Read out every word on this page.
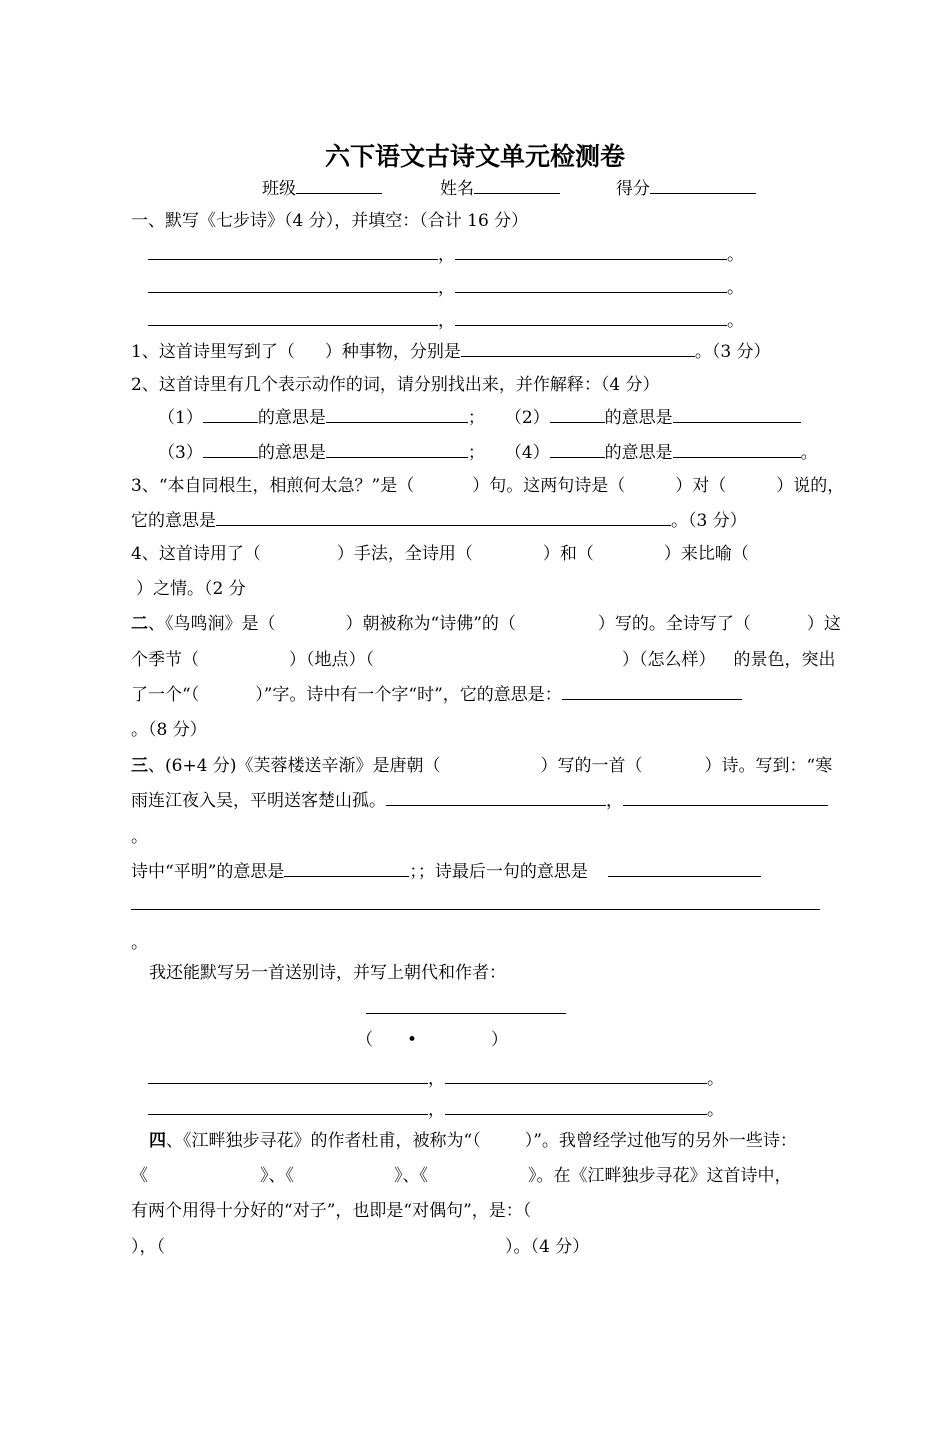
六下语文古诗文单元检测卷
班级	姓名	得分
一、默写《七步诗》（4 分），并填空：（合计 16 分）
，	。
，	。
，	。
1、这首诗里写到了（ ）种事物，分别是	。（3 分）
2、这首诗里有几个表示动作的词，请分别找出来，并作解释：（4 分）
（1）	的意思是	； （2）	的意思是
（3）	的意思是	； （4）	的意思是	。
3、“本自同根生，相煎何太急？”是（	）句。这两句诗是（	）对（	）说的，
它的意思是	。（3 分）
4、这首诗用了（	）手法，全诗用（	）和（	）来比喻（
）之情。（2 分
二、《鸟鸣涧》是（	）朝被称为“诗佛”的（	）写的。全诗写了（	）这
个季节（	）（地点）（	）（怎么样） 的景色，突出
了一个“（	）”字。诗中有一个字“时”，它的意思是：
。（8 分）
三、(6+4 分)《芙蓉楼送辛渐》是唐朝（	）写的一首（	）诗。写到：“寒
雨连江夜入吴，平明送客楚山孤。	，
。
诗中“平明”的意思是	；；诗最后一句的意思是
。
我还能默写另一首送别诗，并写上朝代和作者：
（ •	）
，	。
，	。
四、《江畔独步寻花》的作者杜甫，被称为“（	）”。我曾经学过他写的另外一些诗：
《	》、《	》、《	》。在《江畔独步寻花》这首诗中，
有两个用得十分好的“对子”，也即是“对偶句”，是：（
），（	）。（4 分）
